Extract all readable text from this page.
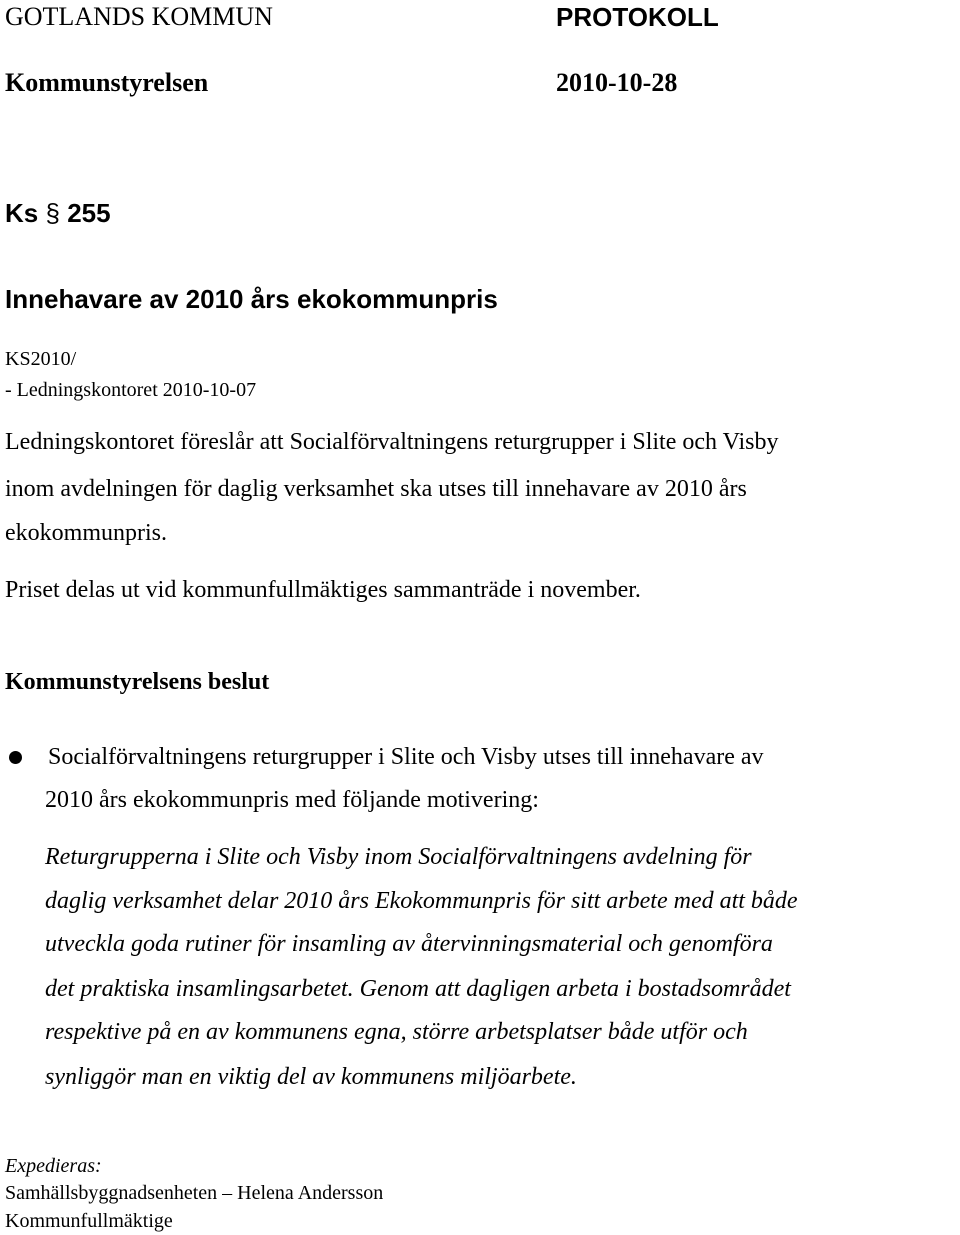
GOTLANDS KOMMUN	PROTOKOLL
Kommunstyrelsen	2010-10-28
Ks § 255
Innehavare av 2010 års ekokommunpris
KS2010/
- Ledningskontoret 2010-10-07
Ledningskontoret föreslår att Socialförvaltningens returgrupper i Slite och Visby
inom avdelningen för daglig verksamhet ska utses till innehavare av 2010 års
ekokommunpris.
Priset delas ut vid kommunfullmäktiges sammanträde i november.
Kommunstyrelsens beslut
Socialförvaltningens returgrupper i Slite och Visby utses till innehavare av
2010 års ekokommunpris med följande motivering:
Returgrupperna i Slite och Visby inom Socialförvaltningens avdelning för
daglig verksamhet delar 2010 års Ekokommunpris för sitt arbete med att både
utveckla goda rutiner för insamling av återvinningsmaterial och genomföra
det praktiska insamlingsarbetet. Genom att dagligen arbeta i bostadsområdet
respektive på en av kommunens egna, större arbetsplatser både utför och
synliggör man en viktig del av kommunens miljöarbete.
Expedieras:
Samhällsbyggnadsenheten – Helena Andersson
Kommunfullmäktige
